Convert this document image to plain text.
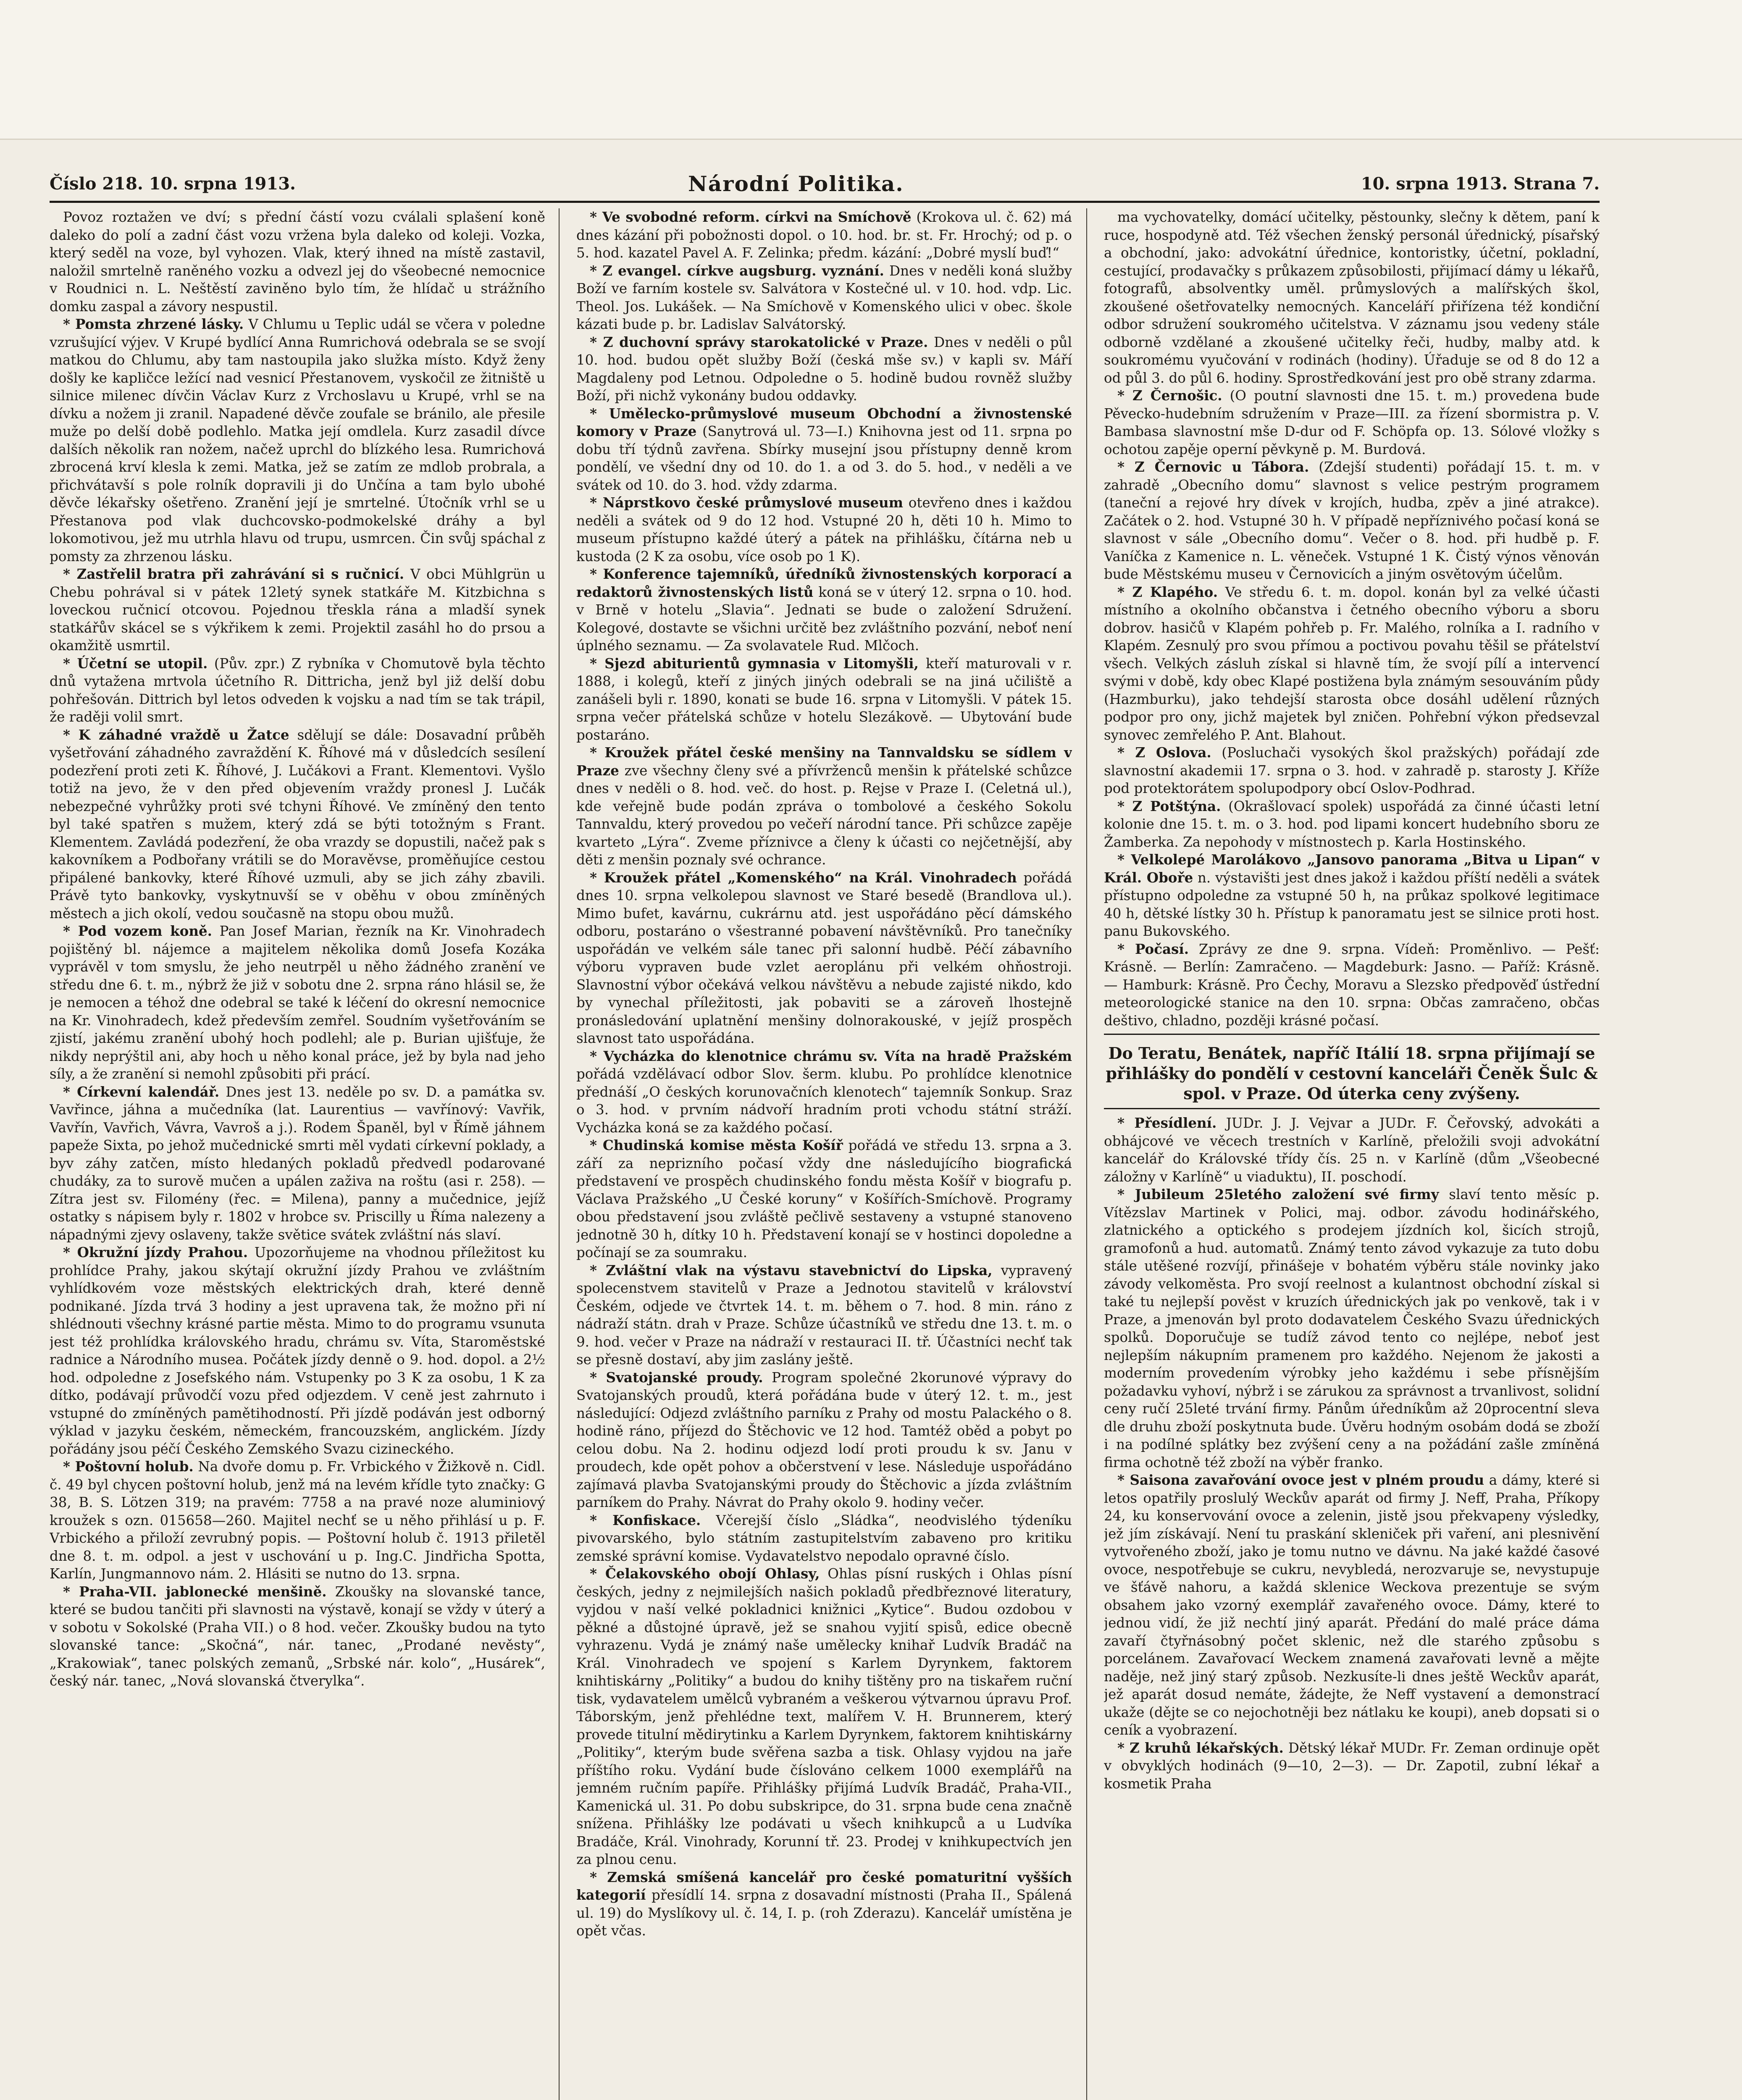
Číslo 218. 10. srpna 1913.	Národní Politika.	10. srpna 1913. Strana 7.

Povoz roztažen ve dví; s přední částí vozu cválali splašení koně daleko do polí a zadní část vozu vržena byla daleko od koleji. Vozka, který seděl na voze, byl vyhozen. Vlak, který ihned na místě zastavil, naložil smrtelně raněného vozku a odvezl jej do všeobecné nemocnice v Roudnici n. L. Neštěstí zaviněno bylo tím, že hlídač u strážního domku zaspal a závory nespustil.

* Pomsta zhrzené lásky. V Chlumu u Teplic udál se včera v poledne vzrušující výjev. V Krupé bydlící Anna Rumrichová odebrala se se svojí matkou do Chlumu, aby tam nastoupila jako služka místo. Když ženy došly ke kapličce ležící nad vesnicí Přestanovem, vyskočil ze žitniště u silnice milenec dívčin Václav Kurz z Vrchoslavu u Krupé, vrhl se na dívku a nožem ji zranil. Napadené děvče zoufale se bránilo, ale přesile muže po delší době podlehlo. Matka její omdlela. Kurz zasadil dívce dalších několik ran nožem, načež uprchl do blízkého lesa. Rumrichová zbrocená krví klesla k zemi. Matka, jež se zatím ze mdlob probrala, a přichvátavší s pole rolník dopravili ji do Unčína a tam bylo ubohé děvče lékařsky ošetřeno. Zranění její je smrtelné. Útočník vrhl se u Přestanova pod vlak duchcovsko-podmokelské dráhy a byl lokomotivou, jež mu utrhla hlavu od trupu, usmrcen. Čin svůj spáchal z pomsty za zhrzenou lásku.

* Zastřelil bratra při zahrávání si s ručnicí. V obci Mühlgrün u Chebu pohrával si v pátek 12letý synek statkáře M. Kitzbichna s loveckou ručnicí otcovou. Pojednou třeskla rána a mladší synek statkářův skácel se s výkřikem k zemi. Projektil zasáhl ho do prsou a okamžitě usmrtil.

* Účetní se utopil. (Pův. zpr.) Z rybníka v Chomutově byla těchto dnů vytažena mrtvola účetního R. Dittricha, jenž byl již delší dobu pohřešován. Dittrich byl letos odveden k vojsku a nad tím se tak trápil, že raději volil smrt.

* K záhadné vraždě u Žatce sdělují se dále: Dosavadní průběh vyšetřování záhadného zavraždění K. Říhové má v důsledcích sesílení podezření proti zeti K. Říhové, J. Lučákovi a Frant. Klementovi. Vyšlo totiž na jevo, že v den před objevením vraždy pronesl J. Lučák nebezpečné vyhrůžky proti své tchyni Říhové. Ve zmíněný den tento byl také spatřen s mužem, který zdá se býti totožným s Frant. Klementem. Zavládá podezření, že oba vrazdy se dopustili, načež pak s kakovníkem a Podbořany vrátili se do Moravěvse, proměňujíce cestou připálené bankovky, které Říhové uzmuli, aby se jich záhy zbavili. Právě tyto bankovky, vyskytnuvší se v oběhu v obou zmíněných městech a jich okolí, vedou současně na stopu obou mužů.

* Pod vozem koně. Pan Josef Marian, řezník na Kr. Vinohradech pojištěný bl. nájemce a majitelem několika domů Josefa Kozáka vyprávěl v tom smyslu, že jeho neutrpěl u něho žádného zranění ve středu dne 6. t. m., nýbrž že již v sobotu dne 2. srpna ráno hlásil se, že je nemocen a téhož dne odebral se také k léčení do okresní nemocnice na Kr. Vinohradech, kdež především zemřel. Soudním vyšetřováním se zjistí, jakému zranění ubohý hoch podlehl; ale p. Burian ujišťuje, že nikdy neprýštil ani, aby hoch u něho konal práce, jež by byla nad jeho síly, a že zranění si nemohl způsobiti při prácí.

* Církevní kalendář. Dnes jest 13. neděle po sv. D. a památka sv. Vavřince, jáhna a mučedníka (lat. Laurentius — vavřínový: Vavřik, Vavřín, Vavřich, Vávra, Vavroš a j.). Rodem Španěl, byl v Římě jáhnem papeže Sixta, po jehož mučednické smrti měl vydati církevní poklady, a byv záhy zatčen, místo hledaných pokladů předvedl podarované chudáky, za to surově mučen a upálen zaživa na roštu (asi r. 258). — Zítra jest sv. Filomény (řec. = Milena), panny a mučednice, jejíž ostatky s nápisem byly r. 1802 v hrobce sv. Priscilly u Říma nalezeny a nápadnými zjevy oslaveny, takže světice svátek zvláštní nás slaví.

* Okružní jízdy Prahou. Upozorňujeme na vhodnou příležitost ku prohlídce Prahy, jakou skýtají okružní jízdy Prahou ve zvláštním vyhlídkovém voze městských elektrických drah, které denně podnikané. Jízda trvá 3 hodiny a jest upravena tak, že možno při ní shlédnouti všechny krásné partie města. Mimo to do programu vsunuta jest též prohlídka královského hradu, chrámu sv. Víta, Staroměstské radnice a Národního musea. Počátek jízdy denně o 9. hod. dopol. a 2½ hod. odpoledne z Josefského nám. Vstupenky po 3 K za osobu, 1 K za dítko, podávají průvodčí vozu před odjezdem. V ceně jest zahrnuto i vstupné do zmíněných pamětihodností. Při jízdě podáván jest odborný výklad v jazyku českém, německém, francouzském, anglickém. Jízdy pořádány jsou péčí Českého Zemského Svazu cizineckého.

* Poštovní holub. Na dvoře domu p. Fr. Vrbického v Žižkově n. Cidl. č. 49 byl chycen poštovní holub, jenž má na levém křídle tyto značky: G 38, B. S. Lötzen 319; na pravém: 7758 a na pravé noze aluminiový kroužek s ozn. 015658—260. Majitel nechť se u něho přihlásí u p. F. Vrbického a přiloží zevrubný popis. — Poštovní holub č. 1913 přiletěl dne 8. t. m. odpol. a jest v uschování u p. Ing.C. Jindřicha Spotta, Karlín, Jungmannovo nám. 2. Hlásiti se nutno do 13. srpna.

* Praha-VII. jablonecké menšině. Zkoušky na slovanské tance, které se budou tančiti při slavnosti na výstavě, konají se vždy v úterý a v sobotu v Sokolské (Praha VII.) o 8 hod. večer. Zkoušky budou na tyto slovanské tance: „Skočná“, nár. tanec, „Prodané nevěsty“, „Krakowiak“, tanec polských zemanů, „Srbské nár. kolo“, „Husárek“, český nár. tanec, „Nová slovanská čtverylka“.

* Ve svobodné reform. církvi na Smíchově (Krokova ul. č. 62) má dnes kázání při pobožnosti dopol. o 10. hod. br. st. Fr. Hrochý; od p. o 5. hod. kazatel Pavel A. F. Zelinka; předm. kázání: „Dobré myslí buď!“

* Z evangel. církve augsburg. vyznání. Dnes v neděli koná služby Boží ve farním kostele sv. Salvátora v Kostečné ul. v 10. hod. vdp. Lic. Theol. Jos. Lukášek. — Na Smíchově v Komenského ulici v obec. škole kázati bude p. br. Ladislav Salvátorský.

* Z duchovní správy starokatolické v Praze. Dnes v neděli o půl 10. hod. budou opět služby Boží (česká mše sv.) v kapli sv. Máří Magdaleny pod Letnou. Odpoledne o 5. hodině budou rovněž služby Boží, při nichž vykonány budou oddavky.

* Umělecko-průmyslové museum Obchodní a živnostenské komory v Praze (Sanytrová ul. 73—I.) Knihovna jest od 11. srpna po dobu tří týdnů zavřena. Sbírky musejní jsou přístupny denně krom pondělí, ve všední dny od 10. do 1. a od 3. do 5. hod., v neděli a ve svátek od 10. do 3. hod. vždy zdarma.

* Náprstkovo české průmyslové museum otevřeno dnes i každou neděli a svátek od 9 do 12 hod. Vstupné 20 h, děti 10 h. Mimo to museum přístupno každé úterý a pátek na přihlášku, čítárna neb u kustoda (2 K za osobu, více osob po 1 K).

* Konference tajemníků, úředníků živnostenských korporací a redaktorů živnostenských listů koná se v úterý 12. srpna o 10. hod. v Brně v hotelu „Slavia“. Jednati se bude o založení Sdružení. Kolegové, dostavte se všichni určitě bez zvláštního pozvání, neboť není úplného seznamu. — Za svolavatele Rud. Mlčoch.

* Sjezd abiturientů gymnasia v Litomyšli, kteří maturovali v r. 1888, i kolegů, kteří z jiných jiných odebrali se na jiná učiliště a zanášeli byli r. 1890, konati se bude 16. srpna v Litomyšli. V pátek 15. srpna večer přátelská schůze v hotelu Slezákově. — Ubytování bude postaráno.

* Kroužek přátel české menšiny na Tannvaldsku se sídlem v Praze zve všechny členy své a přívrženců menšin k přátelské schůzce dnes v neděli o 8. hod. več. do host. p. Rejse v Praze I. (Celetná ul.), kde veřejně bude podán zpráva o tombolové a českého Sokolu Tannvaldu, který provedou po večeří národní tance. Při schůzce zapěje kvarteto „Lýra“. Zveme příznivce a členy k účasti co nejčetnější, aby děti z menšin poznaly své ochrance.

* Kroužek přátel „Komenského“ na Král. Vinohradech pořádá dnes 10. srpna velkolepou slavnost ve Staré besedě (Brandlova ul.). Mimo bufet, kavárnu, cukrárnu atd. jest uspořádáno pěcí dámského odboru, postaráno o všestranné pobavení návštěvníků. Pro tanečníky uspořádán ve velkém sále tanec při salonní hudbě. Péčí zábavního výboru vypraven bude vzlet aeroplánu při velkém ohňostroji. Slavnostní výbor očekává velkou návštěvu a nebude zajisté nikdo, kdo by vynechal příležitosti, jak pobaviti se a zároveň lhostejně pronásledování uplatnění menšiny dolnorakouské, v jejíž prospěch slavnost tato uspořádána.

* Vycházka do klenotnice chrámu sv. Víta na hradě Pražském pořádá vzdělávací odbor Slov. šerm. klubu. Po prohlídce klenotnice přednáší „O českých korunovačních klenotech“ tajemník Sonkup. Sraz o 3. hod. v prvním nádvoří hradním proti vchodu státní stráží. Vycházka koná se za každého počasí.

* Chudinská komise města Košíř pořádá ve středu 13. srpna a 3. září za neprizního počasí vždy dne následujícího biografická představení ve prospěch chudinského fondu města Košíř v biografu p. Václava Pražského „U České koruny“ v Košířích-Smíchově. Programy obou představení jsou zvláště pečlivě sestaveny a vstupné stanoveno jednotně 30 h, dítky 10 h. Představení konají se v hostinci dopoledne a počínají se za soumraku.

* Zvláštní vlak na výstavu stavebnictví do Lipska, vypravený spolecenstvem stavitelů v Praze a Jednotou stavitelů v království Českém, odjede ve čtvrtek 14. t. m. během o 7. hod. 8 min. ráno z nádraží státn. drah v Praze. Schůze účastníků ve středu dne 13. t. m. o 9. hod. večer v Praze na nádraží v restauraci II. tř. Účastníci nechť tak se přesně dostaví, aby jim zaslány ještě.

* Svatojanské proudy. Program společné 2korunové výpravy do Svatojanských proudů, která pořádána bude v úterý 12. t. m., jest následující: Odjezd zvláštního parníku z Prahy od mostu Palackého o 8. hodině ráno, příjezd do Štěchovic ve 12 hod. Tamtéž oběd a pobyt po celou dobu. Na 2. hodinu odjezd lodí proti proudu k sv. Janu v proudech, kde opět pohov a občerstvení v lese. Následuje uspořádáno zajímavá plavba Svatojanskými proudy do Štěchovic a jízda zvláštním parníkem do Prahy. Návrat do Prahy okolo 9. hodiny večer.

* Konfiskace. Včerejší číslo „Sládka“, neodvislého týdeníku pivovarského, bylo státním zastupitelstvím zabaveno pro kritiku zemské správní komise. Vydavatelstvo nepodalo opravné číslo.

* Čelakovského obojí Ohlasy, Ohlas písní ruských i Ohlas písní českých, jedny z nejmilejších našich pokladů předbřeznové literatury, vyjdou v naší velké pokladnici knižnici „Kytice“. Budou ozdobou v pěkné a důstojné úpravě, jež se snahou vyjití spisů, edice obecně vyhrazenu. Vydá je známý naše umělecky knihař Ludvík Bradáč na Král. Vinohradech ve spojení s Karlem Dyrynkem, faktorem knihtiskárny „Politiky“ a budou do knihy tištěny pro na tiskařem ruční tisk, vydavatelem umělců vybraném a veškerou výtvarnou úpravu Prof. Táborským, jenž přehlédne text, malířem V. H. Brunnerem, který provede titulní mědirytinku a Karlem Dyrynkem, faktorem knihtiskárny „Politiky“, kterým bude svěřena sazba a tisk. Ohlasy vyjdou na jaře příštího roku. Vydání bude číslováno celkem 1000 exemplářů na jemném ručním papíře. Přihlášky přijímá Ludvík Bradáč, Praha-VII., Kamenická ul. 31. Po dobu subskripce, do 31. srpna bude cena značně snížena. Přihlášky lze podávati u všech knihkupců a u Ludvíka Bradáče, Král. Vinohrady, Korunní tř. 23. Prodej v knihkupectvích jen za plnou cenu.

* Zemská smíšená kancelář pro české pomaturitní vyšších kategorií přesídlí 14. srpna z dosavadní místnosti (Praha II., Spálená ul. 19) do Myslíkovy ul. č. 14, I. p. (roh Zderazu). Kancelář umístěna je opět včas.

ma vychovatelky, domácí učitelky, pěstounky, slečny k dětem, paní k ruce, hospodyně atd. Též všechen ženský personál úřednický, písařský a obchodní, jako: advokátní úřednice, kontoristky, účetní, pokladní, cestující, prodavačky s průkazem způsobilosti, přijímací dámy u lékařů, fotografů, absolventky uměl. průmyslových a malířských škol, zkoušené ošetřovatelky nemocných. Kanceláří přiřízena též kondiční odbor sdružení soukromého učitelstva. V záznamu jsou vedeny stále odborně vzdělané a zkoušené učitelky řeči, hudby, malby atd. k soukromému vyučování v rodinách (hodiny). Úřaduje se od 8 do 12 a od půl 3. do půl 6. hodiny. Sprostředkování jest pro obě strany zdarma.

* Z Černošic. (O poutní slavnosti dne 15. t. m.) provedena bude Pěvecko-hudebním sdružením v Praze—III. za řízení sbormistra p. V. Bambasa slavnostní mše D-dur od F. Schöpfa op. 13. Sólové vložky s ochotou zapěje operní pěvkyně p. M. Burdová.

* Z Černovic u Tábora. (Zdejší studenti) pořádají 15. t. m. v zahradě „Obecního domu“ slavnost s velice pestrým programem (taneční a rejové hry dívek v krojích, hudba, zpěv a jiné atrakce). Začátek o 2. hod. Vstupné 30 h. V případě nepříznivého počasí koná se slavnost v sále „Obecního domu“. Večer o 8. hod. při hudbě p. F. Vaníčka z Kamenice n. L. věneček. Vstupné 1 K. Čistý výnos věnován bude Městskému museu v Černovicích a jiným osvětovým účelům.

* Z Klapého. Ve středu 6. t. m. dopol. konán byl za velké účasti místního a okolního občanstva i četného obecního výboru a sboru dobrov. hasičů v Klapém pohřeb p. Fr. Malého, rolníka a I. radního v Klapém. Zesnulý pro svou přímou a poctivou povahu těšil se přátelství všech. Velkých zásluh získal si hlavně tím, že svojí pílí a intervencí svými v době, kdy obec Klapé postižena byla známým sesouváním půdy (Hazmburku), jako tehdejší starosta obce dosáhl udělení různých podpor pro ony, jichž majetek byl zničen. Pohřební výkon předsevzal synovec zemřelého P. Ant. Blahout.

* Z Oslova. (Posluchači vysokých škol pražských) pořádají zde slavnostní akademii 17. srpna o 3. hod. v zahradě p. starosty J. Kříže pod protektorátem spolupodpory obcí Oslov-Podhrad.

* Z Potštýna. (Okrašlovací spolek) uspořádá za činné účasti letní kolonie dne 15. t. m. o 3. hod. pod lipami koncert hudebního sboru ze Žamberka. Za nepohody v místnostech p. Karla Hostinského.

* Velkolepé Marolákovo „Jansovo panorama „Bitva u Lipan“ v Král. Oboře n. výstavišti jest dnes jakož i každou příští neděli a svátek přístupno odpoledne za vstupné 50 h, na průkaz spolkové legitimace 40 h, dětské lístky 30 h. Přístup k panoramatu jest se silnice proti host. panu Bukovského.

* Počasí. Zprávy ze dne 9. srpna. Vídeň: Proměnlivo. — Pešť: Krásně. — Berlín: Zamračeno. — Magdeburk: Jasno. — Paříž: Krásně. — Hamburk: Krásně. Pro Čechy, Moravu a Slezsko předpověď ústřední meteorologické stanice na den 10. srpna: Občas zamračeno, občas deštivo, chladno, později krásné počasí.

Do Teratu, Benátek, napříč Itálií 18. srpna přijímají se přihlášky do pondělí v cestovní kanceláři Čeněk Šulc & spol. v Praze. Od úterka ceny zvýšeny.

* Přesídlení. JUDr. J. J. Vejvar a JUDr. F. Čeřovský, advokáti a obhájcové ve věcech trestních v Karlíně, přeložili svoji advokátní kancelář do Královské třídy čís. 25 n. v Karlíně (dům „Všeobecné záložny v Karlíně“ u viaduktu), II. poschodí.

* Jubileum 25letého založení své firmy slaví tento měsíc p. Vítězslav Martinek v Polici, maj. odbor. závodu hodinářského, zlatnického a optického s prodejem jízdních kol, šicích strojů, gramofonů a hud. automatů. Známý tento závod vykazuje za tuto dobu stále utěšené rozvíjí, přinášeje v bohatém výběru stále novinky jako závody velkoměsta. Pro svojí reelnost a kulantnost obchodní získal si také tu nejlepší pověst v kruzích úřednických jak po venkově, tak i v Praze, a jmenován byl proto dodavatelem Českého Svazu úřednických spolků. Doporučuje se tudíž závod tento co nejlépe, neboť jest nejlepším nákupním pramenem pro každého. Nejenom že jakosti a moderním provedením výrobky jeho každému i sebe přísnějším požadavku vyhoví, nýbrž i se zárukou za správnost a trvanlivost, solidní ceny ručí 25leté trvání firmy. Pánům úředníkům až 20procentní sleva dle druhu zboží poskytnuta bude. Úvěru hodným osobám dodá se zboží i na podílné splátky bez zvýšení ceny a na požádání zašle zmíněná firma ochotně též zboží na výběr franko.

* Saisona zavařování ovoce jest v plném proudu a dámy, které si letos opatřily proslulý Weckův aparát od firmy J. Neff, Praha, Příkopy 24, ku konservování ovoce a zelenin, jistě jsou překvapeny výsledky, jež jím získávají. Není tu praskání skleniček při vaření, ani plesnivění vytvořeného zboží, jako je tomu nutno ve dávnu. Na jaké každé časové ovoce, nespotřebuje se cukru, nevybledá, nerozvaruje se, nevystupuje ve šťávě nahoru, a každá sklenice Weckova prezentuje se svým obsahem jako vzorný exemplář zavařeného ovoce. Dámy, které to jednou vidí, že již nechtí jiný aparát. Předání do malé práce dáma zavaří čtyřnásobný počet sklenic, než dle starého způsobu s porcelánem. Zavařovací Weckem znamená zavařovati levně a mějte naděje, než jiný starý způsob. Nezkusíte-li dnes ještě Weckův aparát, jež aparát dosud nemáte, žádejte, že Neff vystavení a demonstrací ukaže (dějte se co nejochotněji bez nátlaku ke koupi), aneb dopsati si o ceník a vyobrazení.

* Z kruhů lékařských. Dětský lékař MUDr. Fr. Zeman ordinuje opět v obvyklých hodinách (9—10, 2—3). — Dr. Zapotil, zubní lékař a kosmetik Praha
